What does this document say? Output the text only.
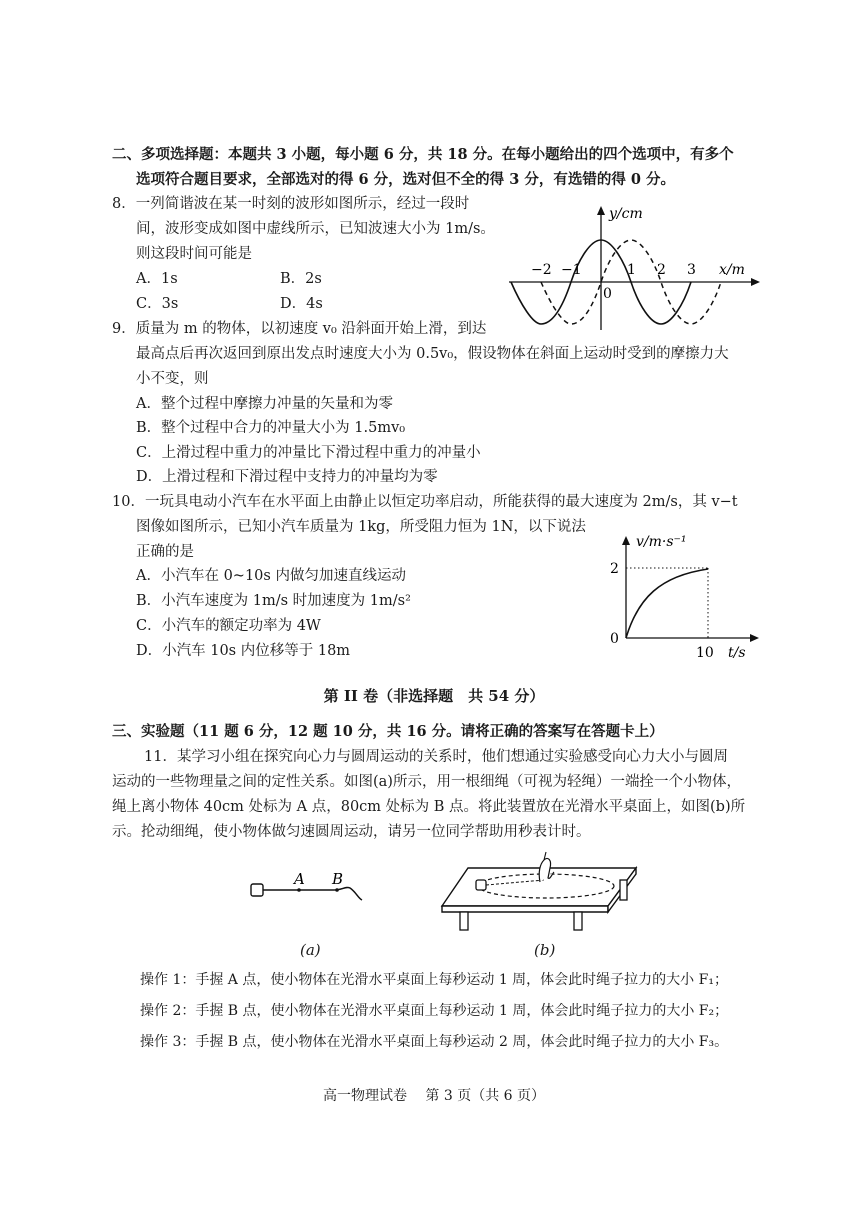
二、多项选择题：本题共 3 小题，每小题 6 分，共 18 分。在每小题给出的四个选项中，有多个
选项符合题目要求，全部选对的得 6 分，选对但不全的得 3 分，有选错的得 0 分。
8．一列简谐波在某一时刻的波形如图所示，经过一段时
间，波形变成如图中虚线所示，已知波速大小为 1m/s。
则这段时间可能是
A．1s	B．2s
C．3s	D．4s
y/cm
x/m
0
−2 −1	1 2 3
9．质量为 m 的物体，以初速度 v₀ 沿斜面开始上滑，到达
最高点后再次返回到原出发点时速度大小为 0.5v₀，假设物体在斜面上运动时受到的摩擦力大
小不变，则
A．整个过程中摩擦力冲量的矢量和为零
B．整个过程中合力的冲量大小为 1.5mv₀
C．上滑过程中重力的冲量比下滑过程中重力的冲量小
D．上滑过程和下滑过程中支持力的冲量均为零
10．一玩具电动小汽车在水平面上由静止以恒定功率启动，所能获得的最大速度为 2m/s，其 v−t
图像如图所示，已知小汽车质量为 1kg，所受阻力恒为 1N，以下说法
正确的是
A．小汽车在 0~10s 内做匀加速直线运动
B．小汽车速度为 1m/s 时加速度为 1m/s²
C．小汽车的额定功率为 4W
D．小汽车 10s 内位移等于 18m
v/m·s⁻¹
2
0
10 t/s
第 II 卷（非选择题　共 54 分）
三、实验题（11 题 6 分，12 题 10 分，共 16 分。请将正确的答案写在答题卡上）
11．某学习小组在探究向心力与圆周运动的关系时，他们想通过实验感受向心力大小与圆周
运动的一些物理量之间的定性关系。如图(a)所示，用一根细绳（可视为轻绳）一端拴一个小物体，
绳上离小物体 40cm 处标为 A 点，80cm 处标为 B 点。将此装置放在光滑水平桌面上，如图(b)所
示。抡动细绳，使小物体做匀速圆周运动，请另一位同学帮助用秒表计时。
A B
(a)	(b)
操作 1：手握 A 点，使小物体在光滑水平桌面上每秒运动 1 周，体会此时绳子拉力的大小 F₁；
操作 2：手握 B 点，使小物体在光滑水平桌面上每秒运动 1 周，体会此时绳子拉力的大小 F₂；
操作 3：手握 B 点，使小物体在光滑水平桌面上每秒运动 2 周，体会此时绳子拉力的大小 F₃。
高一物理试卷　 第 3 页（共 6 页）
